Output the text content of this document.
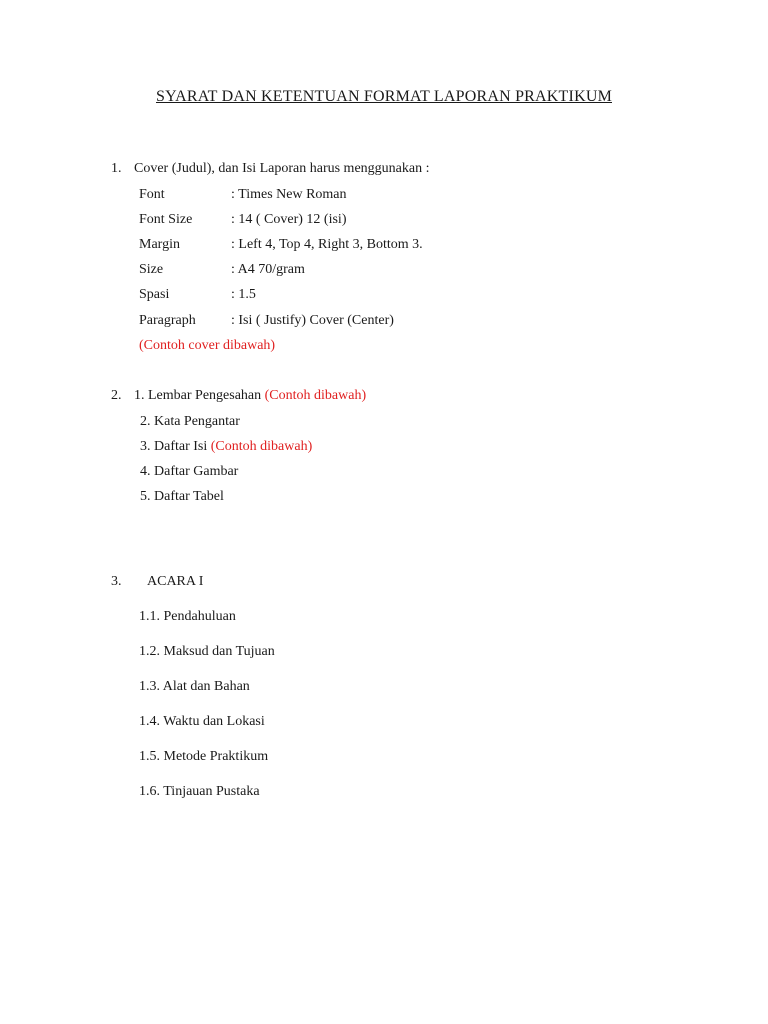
SYARAT DAN KETENTUAN FORMAT LAPORAN PRAKTIKUM
1. Cover (Judul), dan Isi Laporan harus menggunakan :
Font	: Times New Roman
Font Size	: 14 ( Cover) 12 (isi)
Margin	: Left 4, Top 4, Right 3, Bottom 3.
Size	: A4 70/gram
Spasi	: 1.5
Paragraph	: Isi ( Justify) Cover (Center)
(Contoh cover dibawah)
2. 1. Lembar Pengesahan (Contoh dibawah)
2. Kata Pengantar
3. Daftar Isi (Contoh dibawah)
4. Daftar Gambar
5. Daftar Tabel
3. ACARA I
1.1. Pendahuluan
1.2. Maksud dan Tujuan
1.3. Alat dan Bahan
1.4. Waktu dan Lokasi
1.5. Metode Praktikum
1.6. Tinjauan Pustaka
